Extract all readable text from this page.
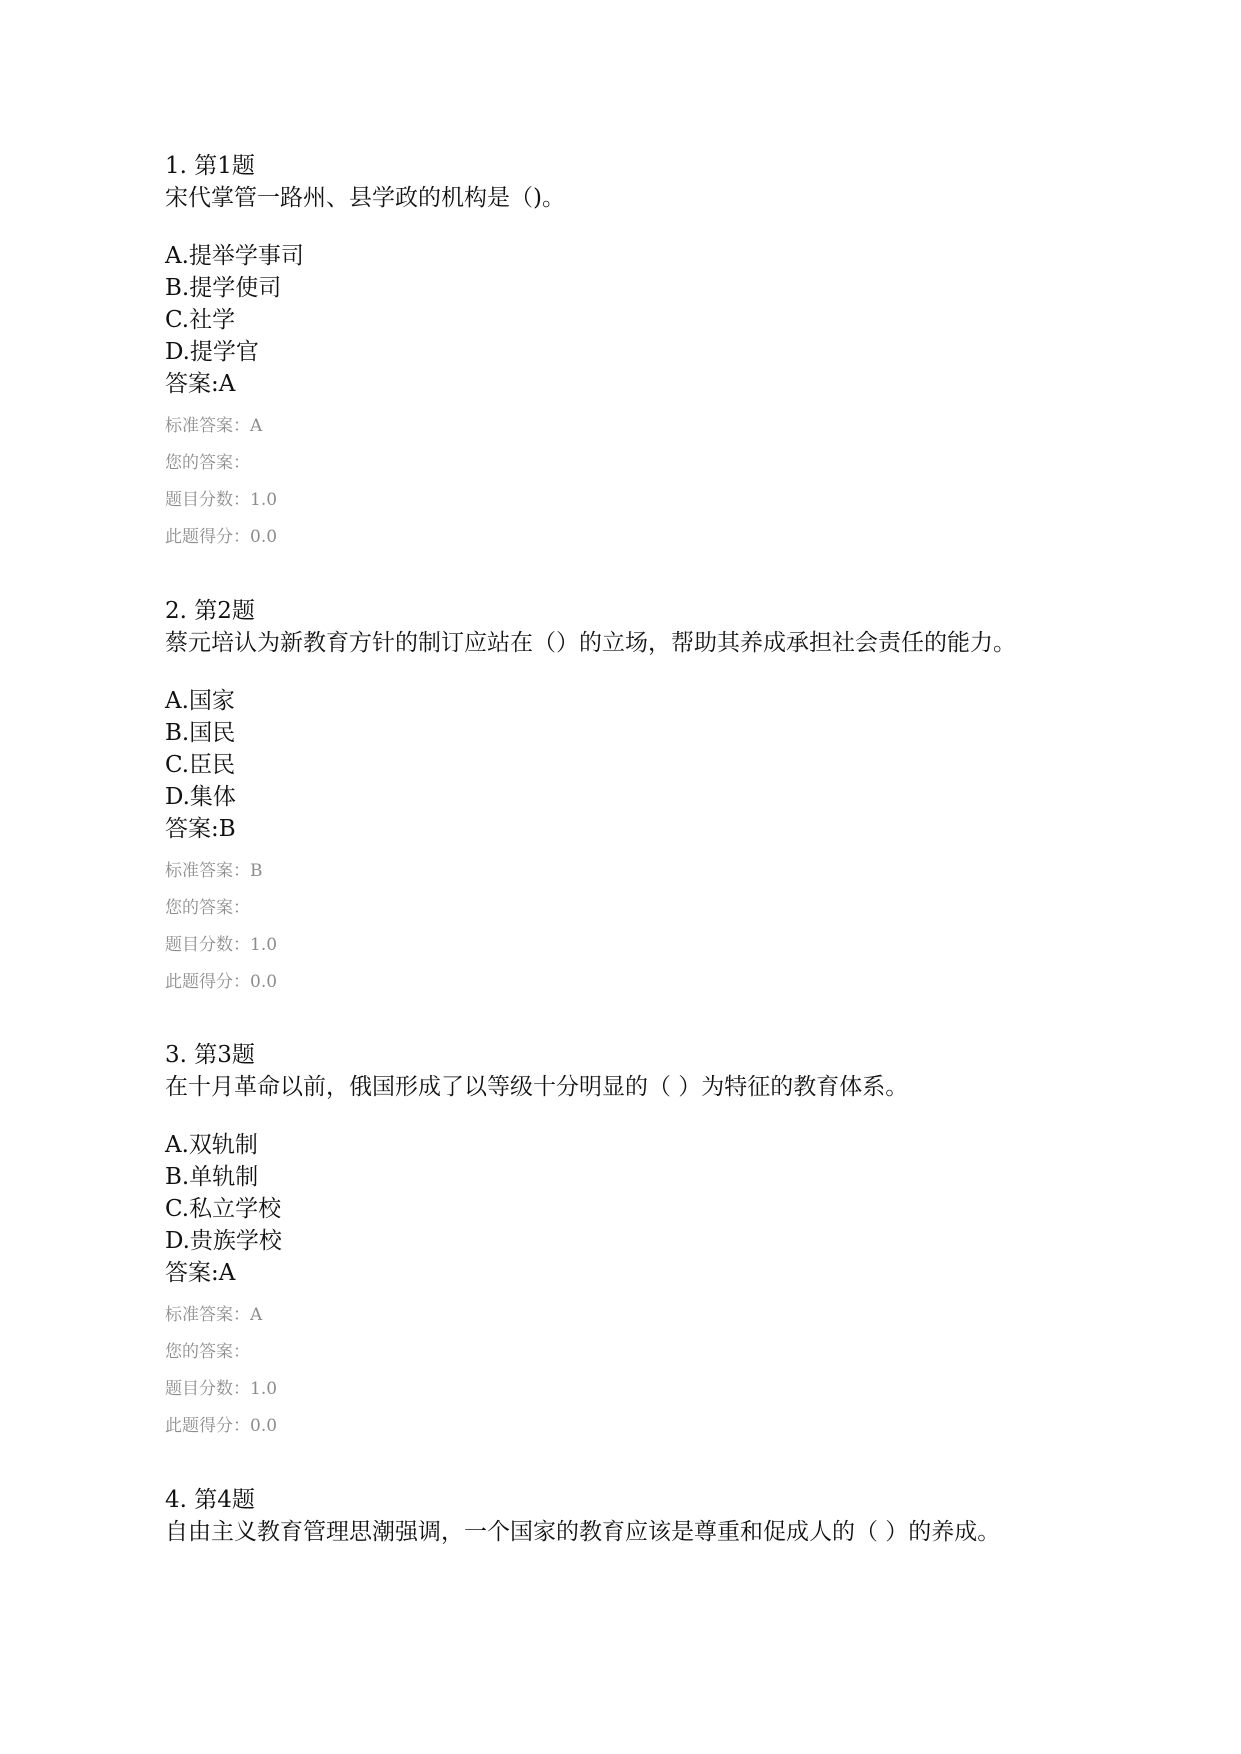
1. 第1题
宋代掌管一路州、县学政的机构是（)。
A.提举学事司
B.提学使司
C.社学
D.提学官
答案:A
标准答案：A
您的答案：
题目分数：1.0
此题得分：0.0
2. 第2题
蔡元培认为新教育方针的制订应站在（）的立场，帮助其养成承担社会责任的能力。
A.国家
B.国民
C.臣民
D.集体
答案:B
标准答案：B
您的答案：
题目分数：1.0
此题得分：0.0
3. 第3题
在十月革命以前，俄国形成了以等级十分明显的（ ）为特征的教育体系。
A.双轨制
B.单轨制
C.私立学校
D.贵族学校
答案:A
标准答案：A
您的答案：
题目分数：1.0
此题得分：0.0
4. 第4题
自由主义教育管理思潮强调，一个国家的教育应该是尊重和促成人的（ ）的养成。
